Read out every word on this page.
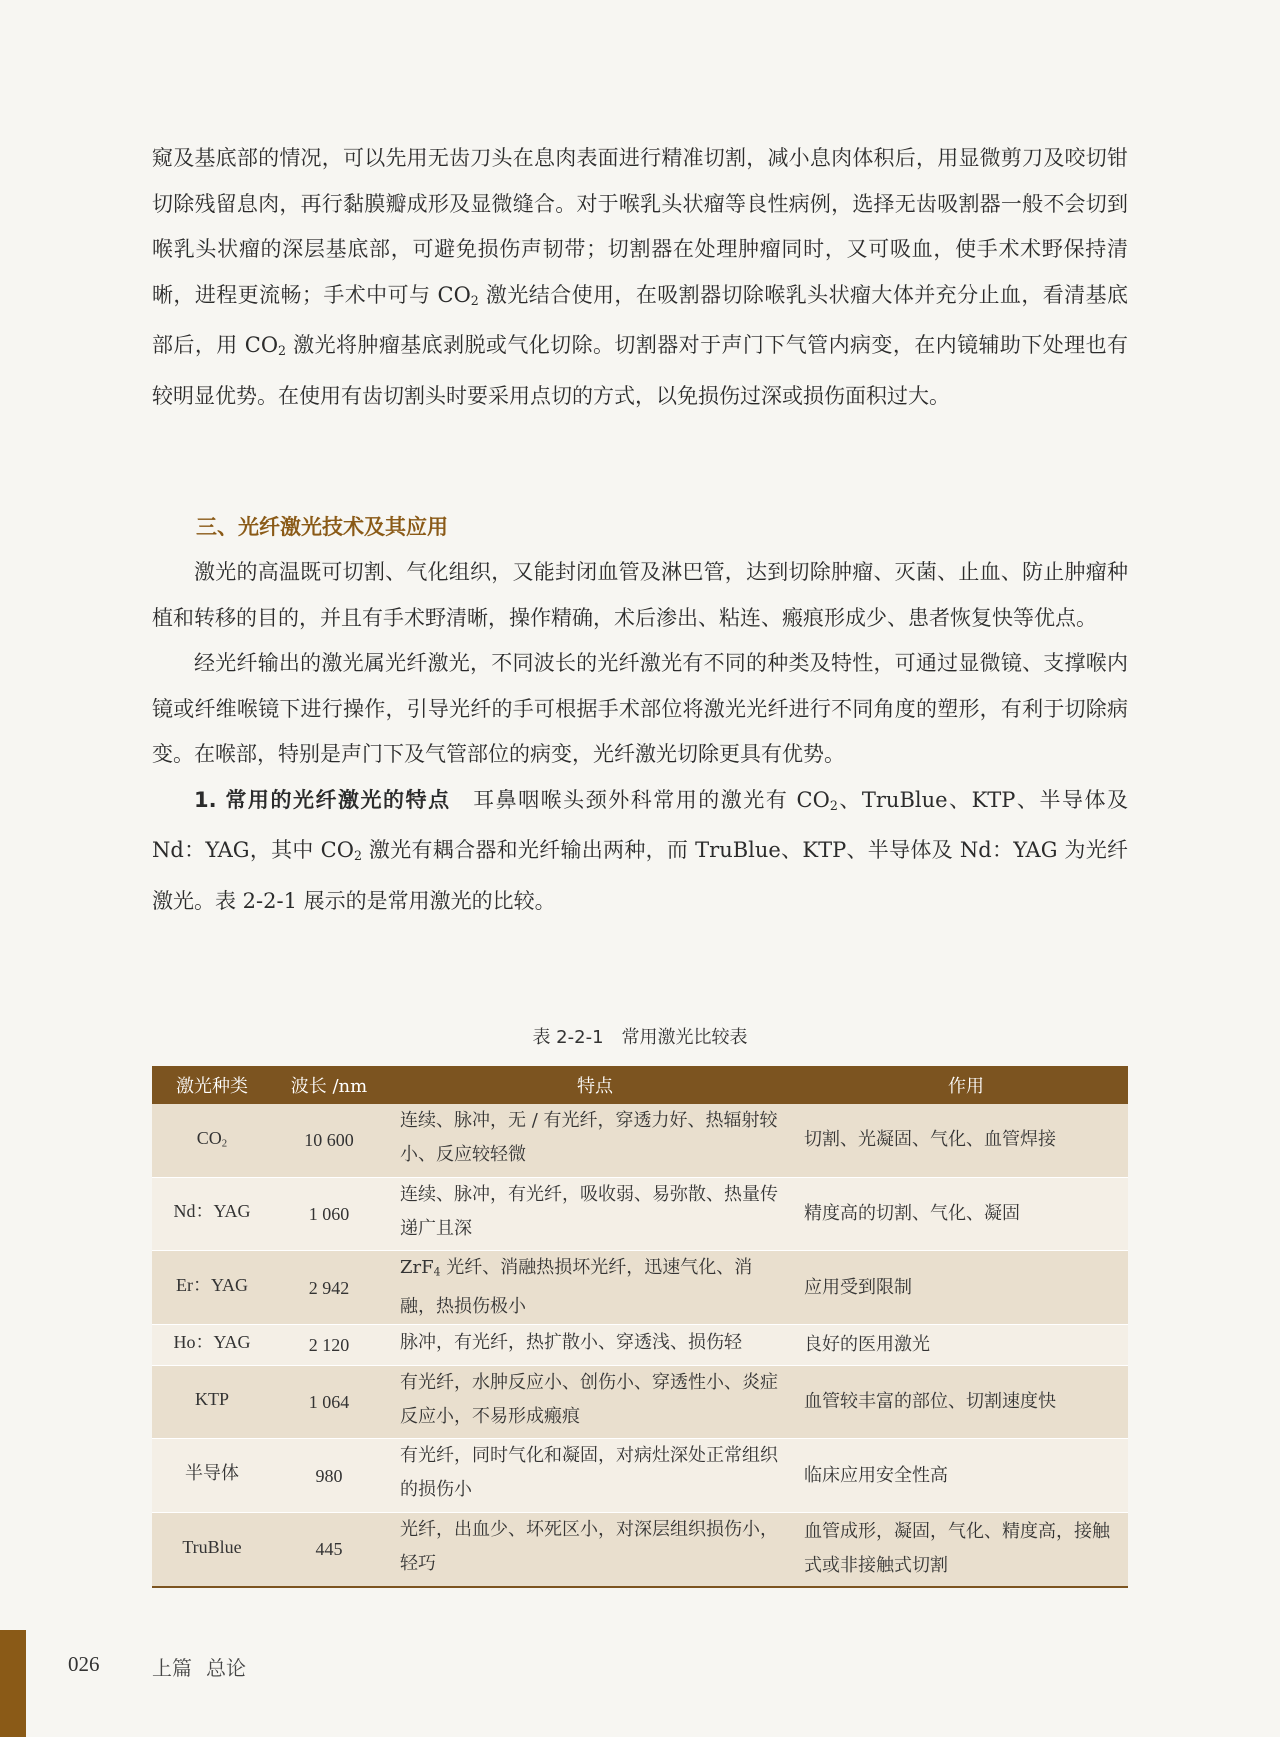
窥及基底部的情况，可以先用无齿刀头在息肉表面进行精准切割，减小息肉体积后，用显微剪刀及咬切钳切除残留息肉，再行黏膜瓣成形及显微缝合。对于喉乳头状瘤等良性病例，选择无齿吸割器一般不会切到喉乳头状瘤的深层基底部，可避免损伤声韧带；切割器在处理肿瘤同时，又可吸血，使手术术野保持清晰，进程更流畅；手术中可与 $CO_2$ 激光结合使用，在吸割器切除喉乳头状瘤大体并充分止血，看清基底部后，用 $CO_2$ 激光将肿瘤基底剥脱或气化切除。切割器对于声门下气管内病变，在内镜辅助下处理也有较明显优势。在使用有齿切割头时要采用点切的方式，以免损伤过深或损伤面积过大。

三、光纤激光技术及其应用

激光的高温既可切割、气化组织，又能封闭血管及淋巴管，达到切除肿瘤、灭菌、止血、防止肿瘤种植和转移的目的，并且有手术野清晰，操作精确，术后渗出、粘连、瘢痕形成少、患者恢复快等优点。

经光纤输出的激光属光纤激光，不同波长的光纤激光有不同的种类及特性，可通过显微镜、支撑喉内镜或纤维喉镜下进行操作，引导光纤的手可根据手术部位将激光光纤进行不同角度的塑形，有利于切除病变。在喉部，特别是声门下及气管部位的病变，光纤激光切除更具有优势。

1. 常用的光纤激光的特点　耳鼻咽喉头颈外科常用的激光有 $CO_2$、TruBlue、KTP、半导体及 Nd：YAG，其中 $CO_2$ 激光有耦合器和光纤输出两种，而 TruBlue、KTP、半导体及 Nd：YAG 为光纤激光。表 2-2-1 展示的是常用激光的比较。

表 2-2-1 常用激光比较表
激光种类	波长 /nm	特点	作用
$CO_2$	10 600	连续、脉冲，无 / 有光纤，穿透力好、热辐射较小、反应较轻微	切割、光凝固、气化、血管焊接
Nd：YAG	1 060	连续、脉冲，有光纤，吸收弱、易弥散、热量传递广且深	精度高的切割、气化、凝固
Er：YAG	2 942	ZrF$_4$ 光纤、消融热损坏光纤，迅速气化、消融，热损伤极小	应用受到限制
Ho：YAG	2 120	脉冲，有光纤，热扩散小、穿透浅、损伤轻	良好的医用激光
KTP	1 064	有光纤，水肿反应小、创伤小、穿透性小、炎症反应小，不易形成瘢痕	血管较丰富的部位、切割速度快
半导体	980	有光纤，同时气化和凝固，对病灶深处正常组织的损伤小	临床应用安全性高
TruBlue	445	光纤，出血少、坏死区小，对深层组织损伤小，轻巧	血管成形，凝固，气化、精度高，接触式或非接触式切割
026	上篇 总论
